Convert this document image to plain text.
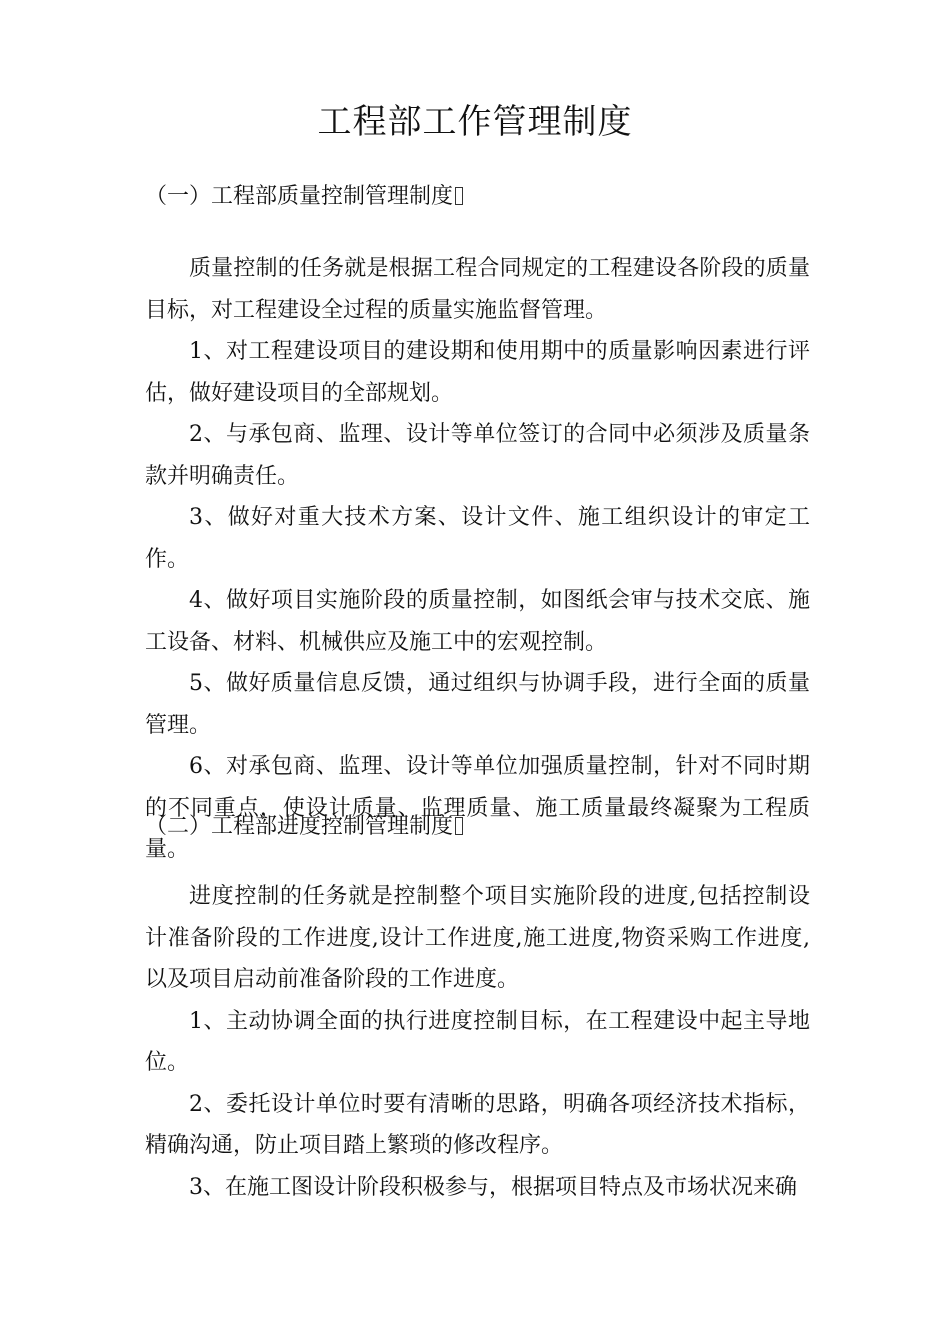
工程部工作管理制度
（一）工程部质量控制管理制度

质量控制的任务就是根据工程合同规定的工程建设各阶段的质量目标，对工程建设全过程的质量实施监督管理。

1、对工程建设项目的建设期和使用期中的质量影响因素进行评估，做好建设项目的全部规划。

2、与承包商、监理、设计等单位签订的合同中必须涉及质量条款并明确责任。

3、做好对重大技术方案、设计文件、施工组织设计的审定工作。

4、做好项目实施阶段的质量控制，如图纸会审与技术交底、施工设备、材料、机械供应及施工中的宏观控制。

5、做好质量信息反馈，通过组织与协调手段，进行全面的质量管理。

6、对承包商、监理、设计等单位加强质量控制，针对不同时期的不同重点，使设计质量、监理质量、施工质量最终凝聚为工程质量。

（二）工程部进度控制管理制度

进度控制的任务就是控制整个项目实施阶段的进度,包括控制设计准备阶段的工作进度,设计工作进度,施工进度,物资采购工作进度,以及项目启动前准备阶段的工作进度。

1、主动协调全面的执行进度控制目标，在工程建设中起主导地位。

2、委托设计单位时要有清晰的思路，明确各项经济技术指标，精确沟通，防止项目踏上繁琐的修改程序。

3、在施工图设计阶段积极参与，根据项目特点及市场状况来确
